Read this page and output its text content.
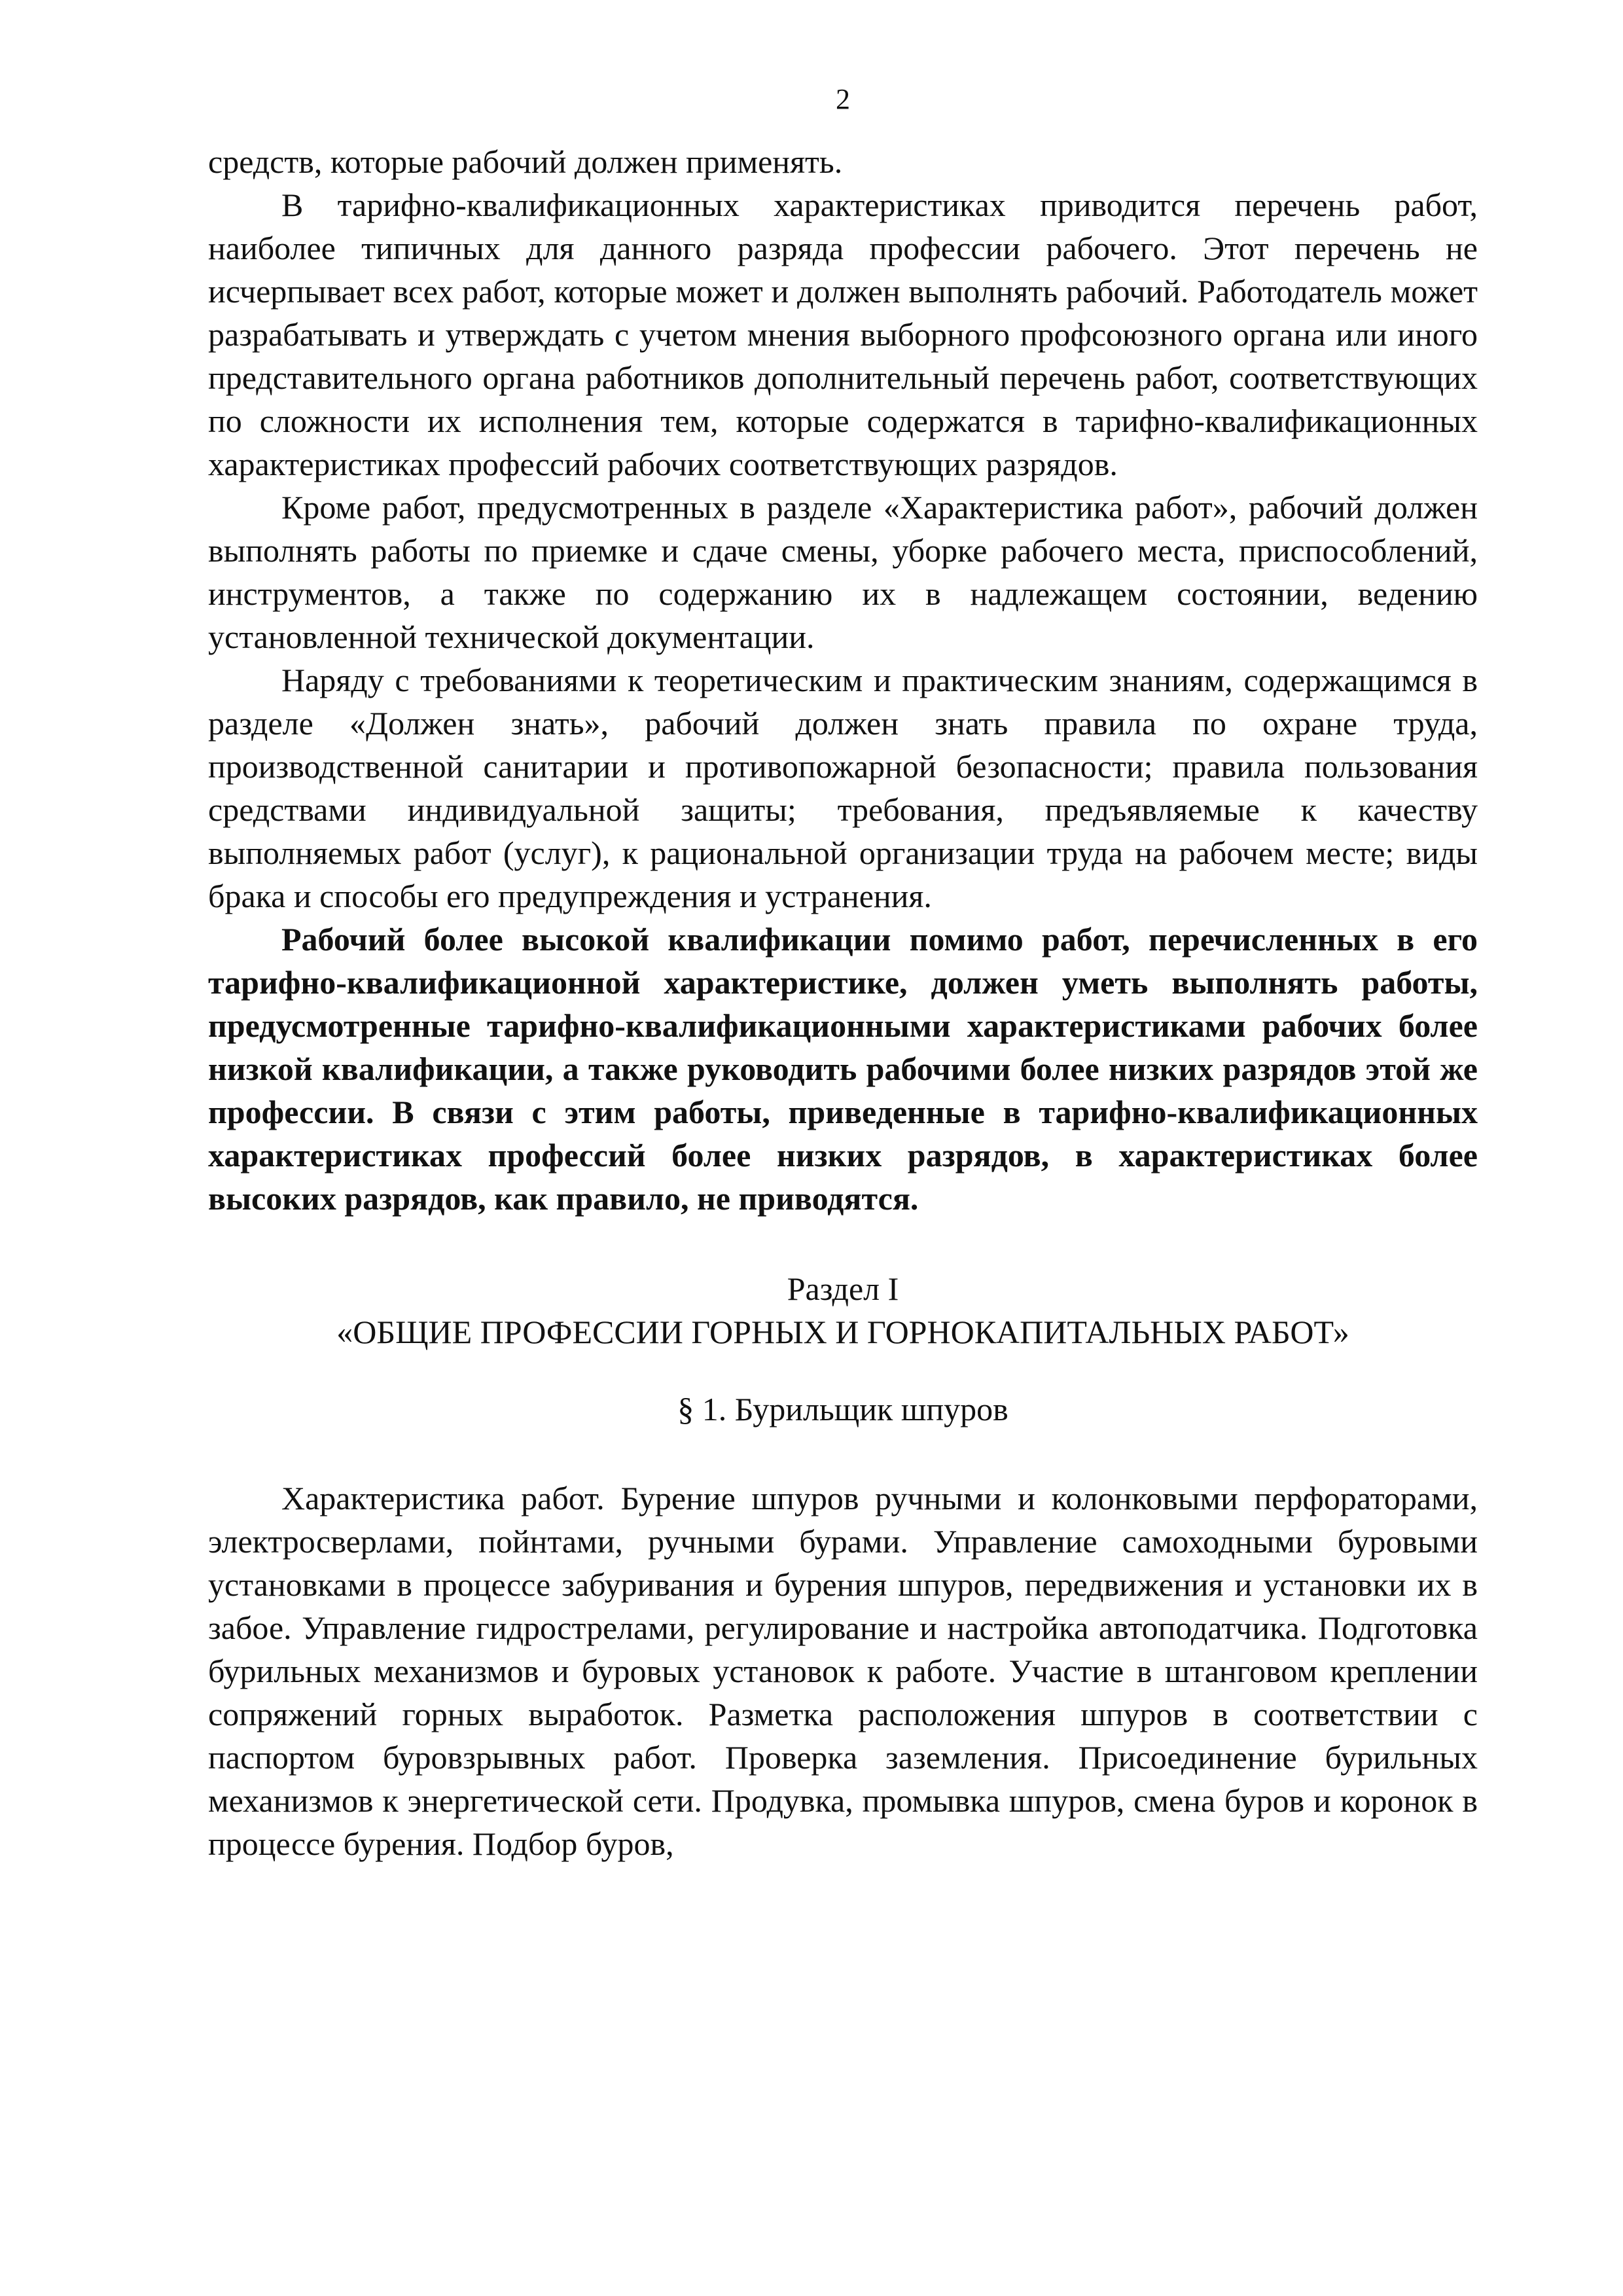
2

средств, которые рабочий должен применять.

В тарифно-квалификационных характеристиках приводится перечень работ, наиболее типичных для данного разряда профессии рабочего. Этот перечень не исчерпывает всех работ, которые может и должен выполнять рабочий. Работодатель может разрабатывать и утверждать с учетом мнения выборного профсоюзного органа или иного представительного органа работников дополнительный перечень работ, соответствующих по сложности их исполнения тем, которые содержатся в тарифно-квалификационных характеристиках профессий рабочих соответствующих разрядов.

Кроме работ, предусмотренных в разделе «Характеристика работ», рабочий должен выполнять работы по приемке и сдаче смены, уборке рабочего места, приспособлений, инструментов, а также по содержанию их в надлежащем состоянии, ведению установленной технической документации.

Наряду с требованиями к теоретическим и практическим знаниям, содержащимся в разделе «Должен знать», рабочий должен знать правила по охране труда, производственной санитарии и противопожарной безопасности; правила пользования средствами индивидуальной защиты; требования, предъявляемые к качеству выполняемых работ (услуг), к рациональной организации труда на рабочем месте; виды брака и способы его предупреждения и устранения.

Рабочий более высокой квалификации помимо работ, перечисленных в его тарифно-квалификационной характеристике, должен уметь выполнять работы, предусмотренные тарифно-квалификационными характеристиками рабочих более низкой квалификации, а также руководить рабочими более низких разрядов этой же профессии. В связи с этим работы, приведенные в тарифно-квалификационных характеристиках профессий более низких разрядов, в характеристиках более высоких разрядов, как правило, не приводятся.

Раздел I
«ОБЩИЕ ПРОФЕССИИ ГОРНЫХ И ГОРНОКАПИТАЛЬНЫХ РАБОТ»
§ 1. Бурильщик шпуров

Характеристика работ. Бурение шпуров ручными и колонковыми перфораторами, электросверлами, пойнтами, ручными бурами. Управление самоходными буровыми установками в процессе забуривания и бурения шпуров, передвижения и установки их в забое. Управление гидрострелами, регулирование и настройка автоподатчика. Подготовка бурильных механизмов и буровых установок к работе. Участие в штанговом креплении сопряжений горных выработок. Разметка расположения шпуров в соответствии с паспортом буровзрывных работ. Проверка заземления. Присоединение бурильных механизмов к энергетической сети. Продувка, промывка шпуров, смена буров и коронок в процессе бурения. Подбор буров,
